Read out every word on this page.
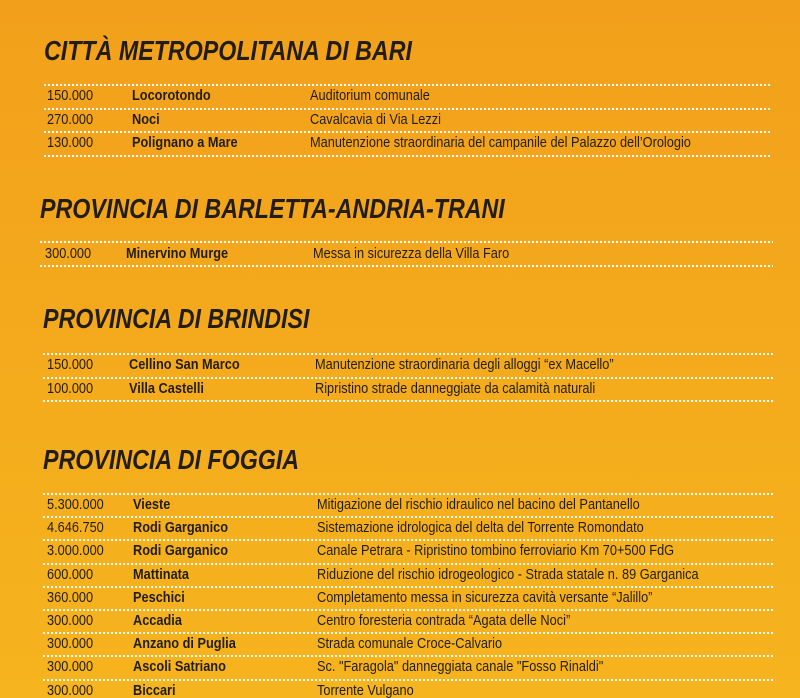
CITTÀ METROPOLITANA DI BARI
150.000	Locorotondo	Auditorium comunale
270.000	Noci	Cavalcavia di Via Lezzi
130.000	Polignano a Mare	Manutenzione straordinaria del campanile del Palazzo dell’Orologio
PROVINCIA DI BARLETTA-ANDRIA-TRANI
300.000 Minervino Murge	Messa in sicurezza della Villa Faro
PROVINCIA DI BRINDISI
150.000 Cellino San Marco	Manutenzione straordinaria degli alloggi “ex Macello”
100.000 Villa Castelli	Ripristino strade danneggiate da calamità naturali
PROVINCIA DI FOGGIA
5.300.000 Vieste	Mitigazione del rischio idraulico nel bacino del Pantanello
4.646.750 Rodi Garganico	Sistemazione idrologica del delta del Torrente Romondato
3.000.000 Rodi Garganico	Canale Petrara - Ripristino tombino ferroviario Km 70+500 FdG
600.000	Mattinata	Riduzione del rischio idrogeologico - Strada statale n. 89 Garganica
360.000	Peschici	Completamento messa in sicurezza cavità versante “Jalillo”
300.000	Accadia	Centro foresteria contrada “Agata delle Noci”
300.000	Anzano di Puglia	Strada comunale Croce-Calvario
300.000	Ascoli Satriano	Sc. "Faragola" danneggiata canale "Fosso Rinaldi"
300.000	Biccari	Torrente Vulgano
